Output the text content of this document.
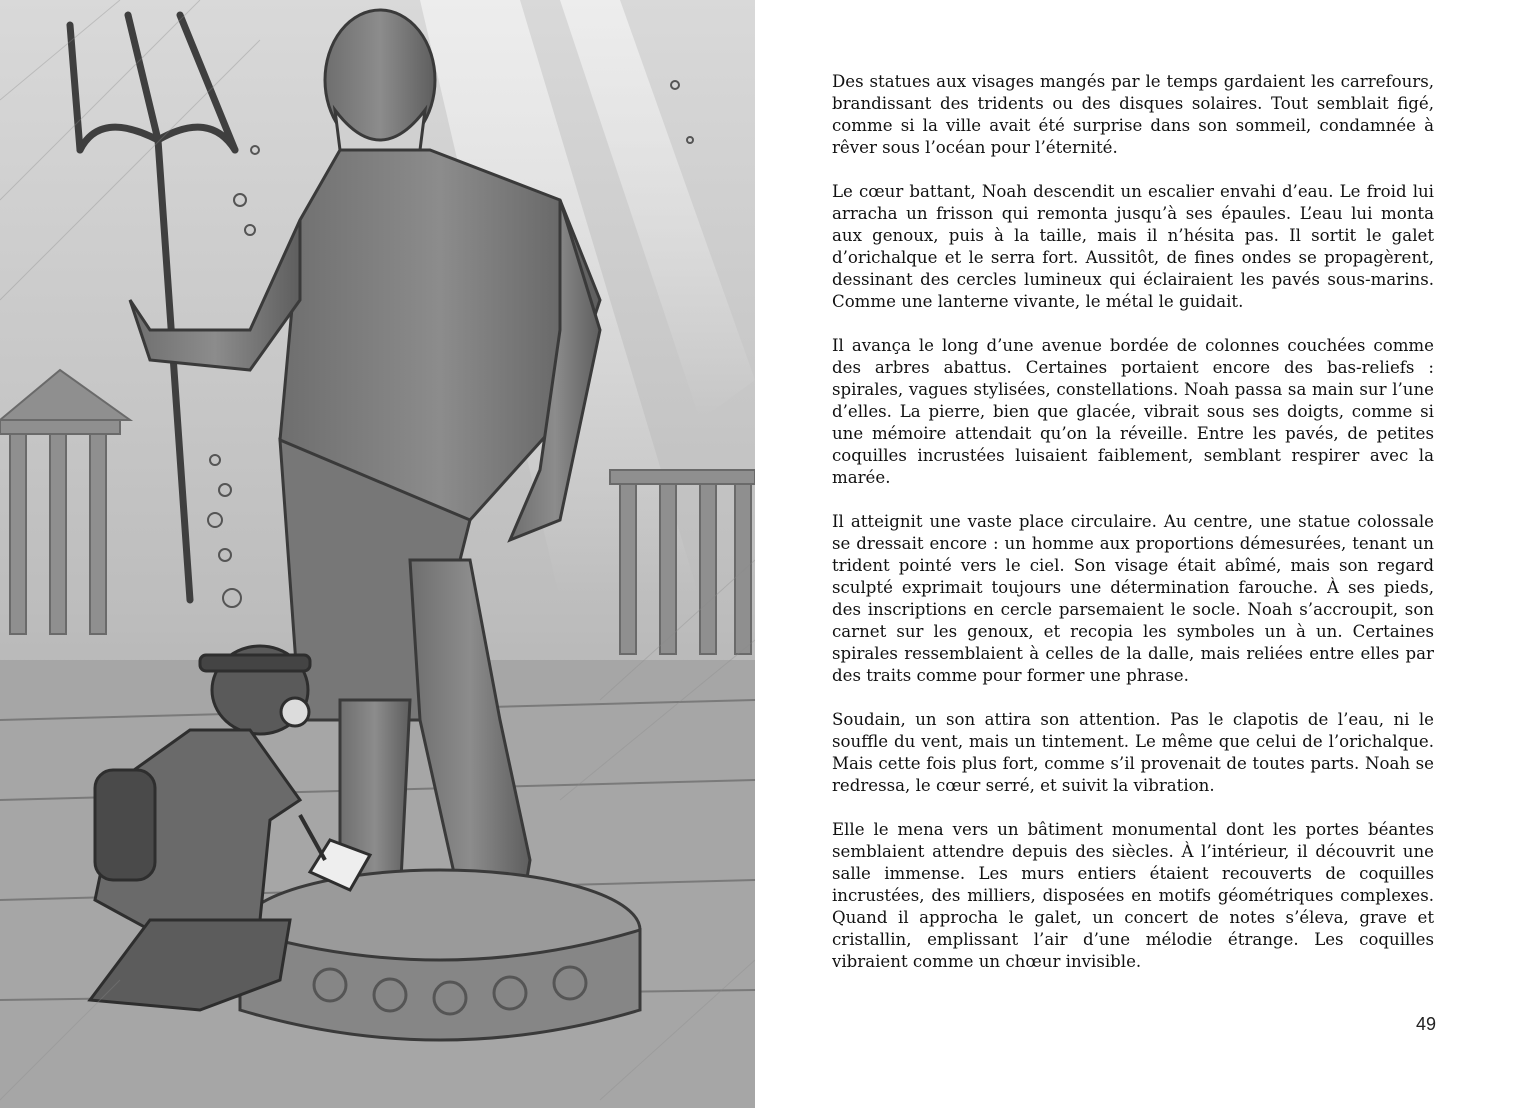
Des statues aux visages mangés par le temps gardaient les carrefours, brandissant des tridents ou des disques solaires. Tout semblait figé, comme si la ville avait été surprise dans son sommeil, condamnée à rêver sous l’océan pour l’éternité.

Le cœur battant, Noah descendit un escalier envahi d’eau. Le froid lui arracha un frisson qui remonta jusqu’à ses épaules. L’eau lui monta aux genoux, puis à la taille, mais il n’hésita pas. Il sortit le galet d’orichalque et le serra fort. Aussitôt, de fines ondes se propagèrent, dessinant des cercles lumineux qui éclairaient les pavés sous-marins. Comme une lanterne vivante, le métal le guidait.

Il avança le long d’une avenue bordée de colonnes couchées comme des arbres abattus. Certaines portaient encore des bas-reliefs : spirales, vagues stylisées, constellations. Noah passa sa main sur l’une d’elles. La pierre, bien que glacée, vibrait sous ses doigts, comme si une mémoire attendait qu’on la réveille. Entre les pavés, de petites coquilles incrustées luisaient faiblement, semblant respirer avec la marée.

Il atteignit une vaste place circulaire. Au centre, une statue colossale se dressait encore : un homme aux proportions démesurées, tenant un trident pointé vers le ciel. Son visage était abîmé, mais son regard sculpté exprimait toujours une détermination farouche. À ses pieds, des inscriptions en cercle parsemaient le socle. Noah s’accroupit, son carnet sur les genoux, et recopia les symboles un à un. Certaines spirales ressemblaient à celles de la dalle, mais reliées entre elles par des traits comme pour former une phrase.

Soudain, un son attira son attention. Pas le clapotis de l’eau, ni le souffle du vent, mais un tintement. Le même que celui de l’orichalque. Mais cette fois plus fort, comme s’il provenait de toutes parts. Noah se redressa, le cœur serré, et suivit la vibration.

Elle le mena vers un bâtiment monumental dont les portes béantes semblaient attendre depuis des siècles. À l’intérieur, il découvrit une salle immense. Les murs entiers étaient recouverts de coquilles incrustées, des milliers, disposées en motifs géométriques complexes. Quand il approcha le galet, un concert de notes s’éleva, grave et cristallin, emplissant l’air d’une mélodie étrange. Les coquilles vibraient comme un chœur invisible.

49
